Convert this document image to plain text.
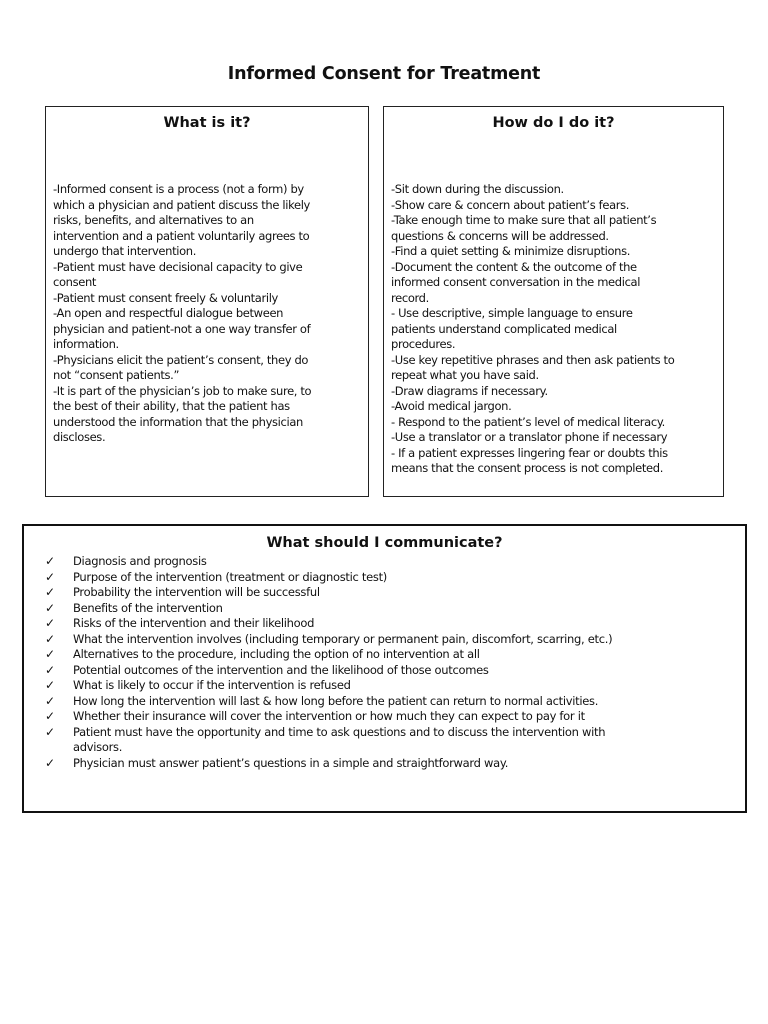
Informed Consent for Treatment
What is it?
-Informed consent is a process (not a form) by
which a physician and patient discuss the likely
risks, benefits, and alternatives to an
intervention and a patient voluntarily agrees to
undergo that intervention.
-Patient must have decisional capacity to give
consent
-Patient must consent freely & voluntarily
-An open and respectful dialogue between
physician and patient-not a one way transfer of
information.
-Physicians elicit the patient’s consent, they do
not “consent patients.”
-It is part of the physician’s job to make sure, to
the best of their ability, that the patient has
understood the information that the physician
discloses.
How do I do it?
-Sit down during the discussion.
-Show care & concern about patient’s fears.
-Take enough time to make sure that all patient’s
questions & concerns will be addressed.
-Find a quiet setting & minimize disruptions.
-Document the content & the outcome of the
informed consent conversation in the medical
record.
- Use descriptive, simple language to ensure
patients understand complicated medical
procedures.
-Use key repetitive phrases and then ask patients to
repeat what you have said.
-Draw diagrams if necessary.
-Avoid medical jargon.
- Respond to the patient’s level of medical literacy.
-Use a translator or a translator phone if necessary
- If a patient expresses lingering fear or doubts this
means that the consent process is not completed.
What should I communicate?
✓	Diagnosis and prognosis
✓	Purpose of the intervention (treatment or diagnostic test)
✓	Probability the intervention will be successful
✓	Benefits of the intervention
✓	Risks of the intervention and their likelihood
✓	What the intervention involves (including temporary or permanent pain, discomfort, scarring, etc.)
✓	Alternatives to the procedure, including the option of no intervention at all
✓	Potential outcomes of the intervention and the likelihood of those outcomes
✓	What is likely to occur if the intervention is refused
✓	How long the intervention will last & how long before the patient can return to normal activities.
✓	Whether their insurance will cover the intervention or how much they can expect to pay for it
✓	Patient must have the opportunity and time to ask questions and to discuss the intervention with
advisors.
✓	Physician must answer patient’s questions in a simple and straightforward way.
